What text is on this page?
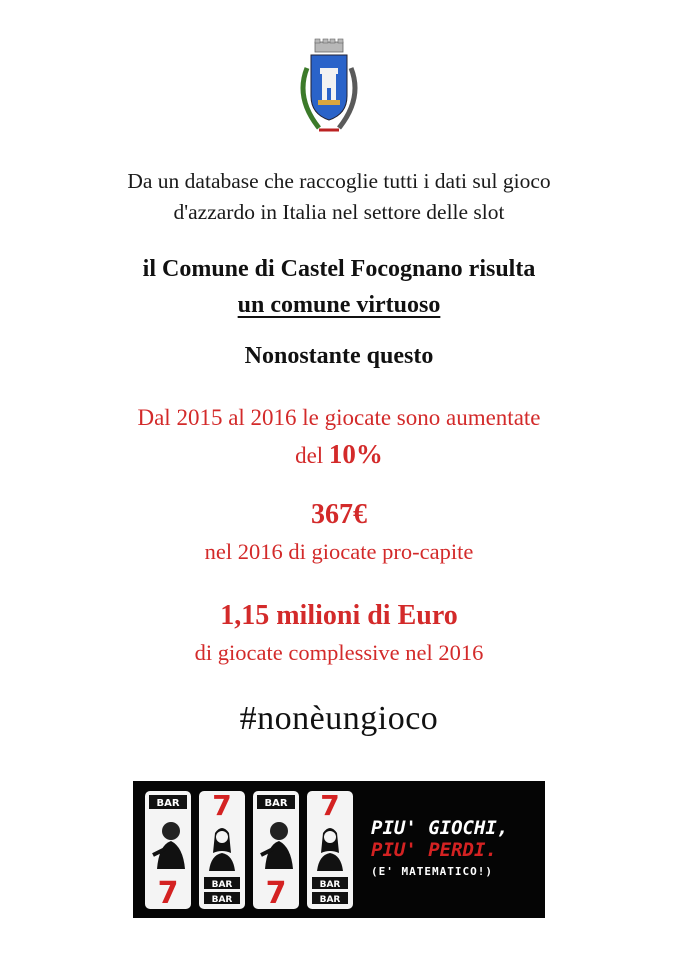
Da un database che raccoglie tutti i dati sul gioco
d'azzardo in Italia nel settore delle slot
il Comune di Castel Focognano risulta
un comune virtuoso
Nonostante questo
Dal 2015 al 2016 le giocate sono aumentate
del 10%
367€
nel 2016 di giocate pro-capite
1,15 milioni di Euro
di giocate complessive nel 2016
#nonèungioco
BAR
7
7
BAR
BAR
BAR
7
7
BAR
BAR
PIU' GIOCHI,
PIU' PERDI.
(E' MATEMATICO!)
